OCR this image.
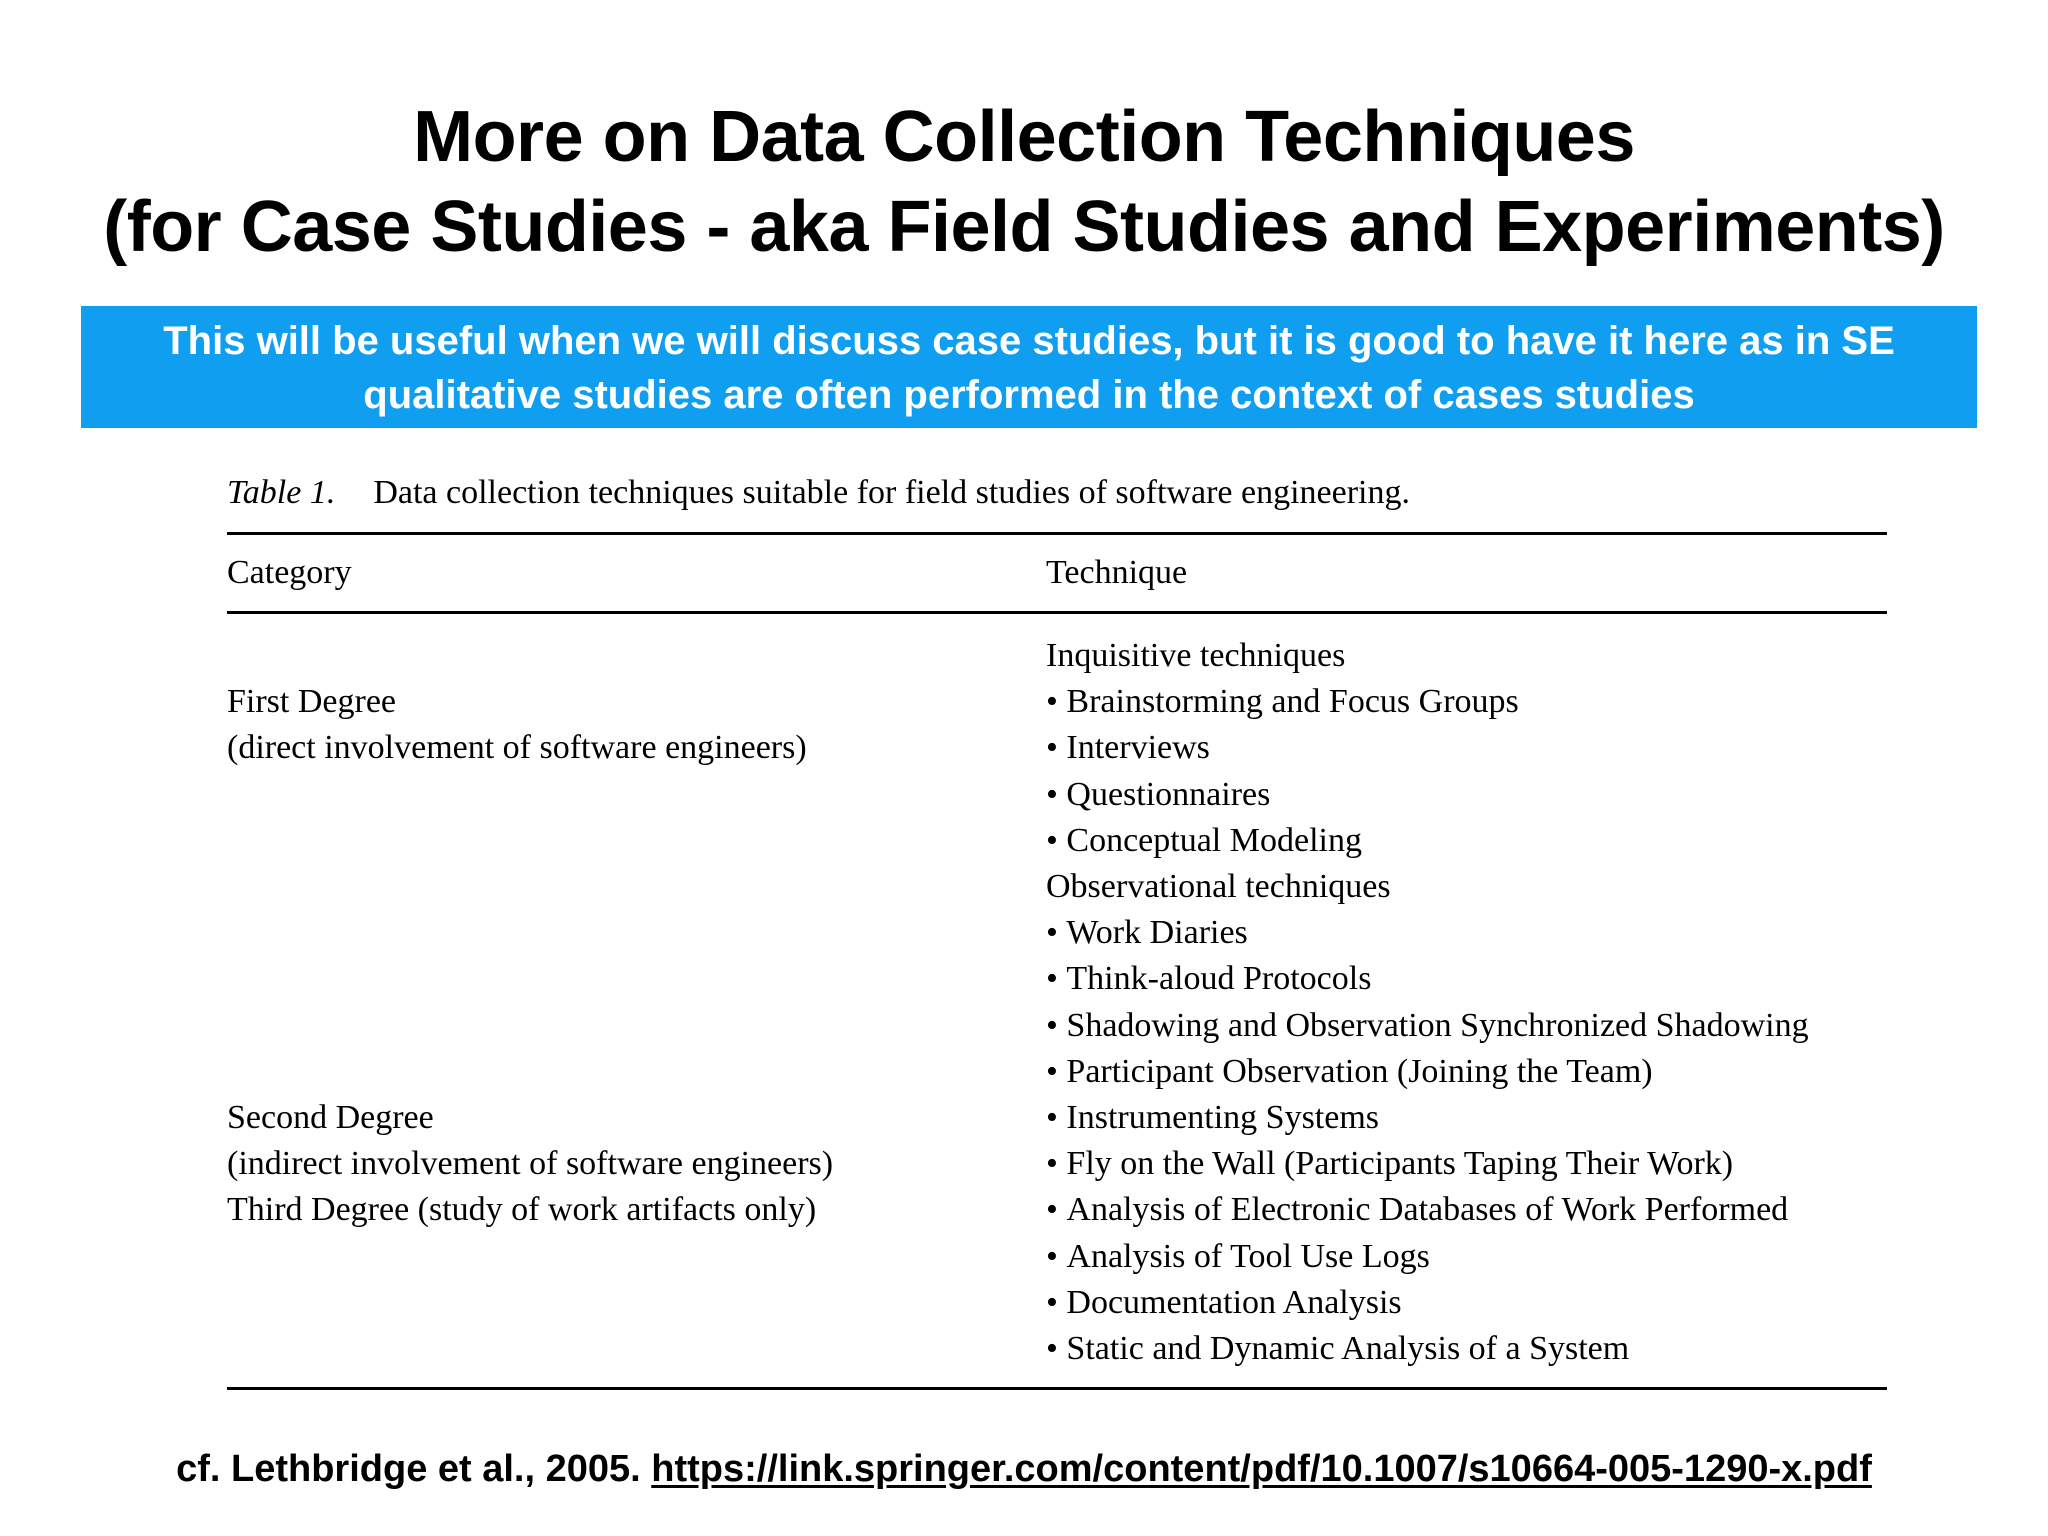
More on Data Collection Techniques
(for Case Studies - aka Field Studies and Experiments)
This will be useful when we will discuss case studies, but it is good to have it here as in SE
qualitative studies are often performed in the context of cases studies
Table 1. Data collection techniques suitable for field studies of software engineering.
Category	Technique
First Degree
(direct involvement of software engineers)
Second Degree
(indirect involvement of software engineers)
Third Degree (study of work artifacts only)
Inquisitive techniques
• Brainstorming and Focus Groups
• Interviews
• Questionnaires
• Conceptual Modeling
Observational techniques
• Work Diaries
• Think-aloud Protocols
• Shadowing and Observation Synchronized Shadowing
• Participant Observation (Joining the Team)
• Instrumenting Systems
• Fly on the Wall (Participants Taping Their Work)
• Analysis of Electronic Databases of Work Performed
• Analysis of Tool Use Logs
• Documentation Analysis
• Static and Dynamic Analysis of a System
cf. Lethbridge et al., 2005. https://link.springer.com/content/pdf/10.1007/s10664-005-1290-x.pdf
